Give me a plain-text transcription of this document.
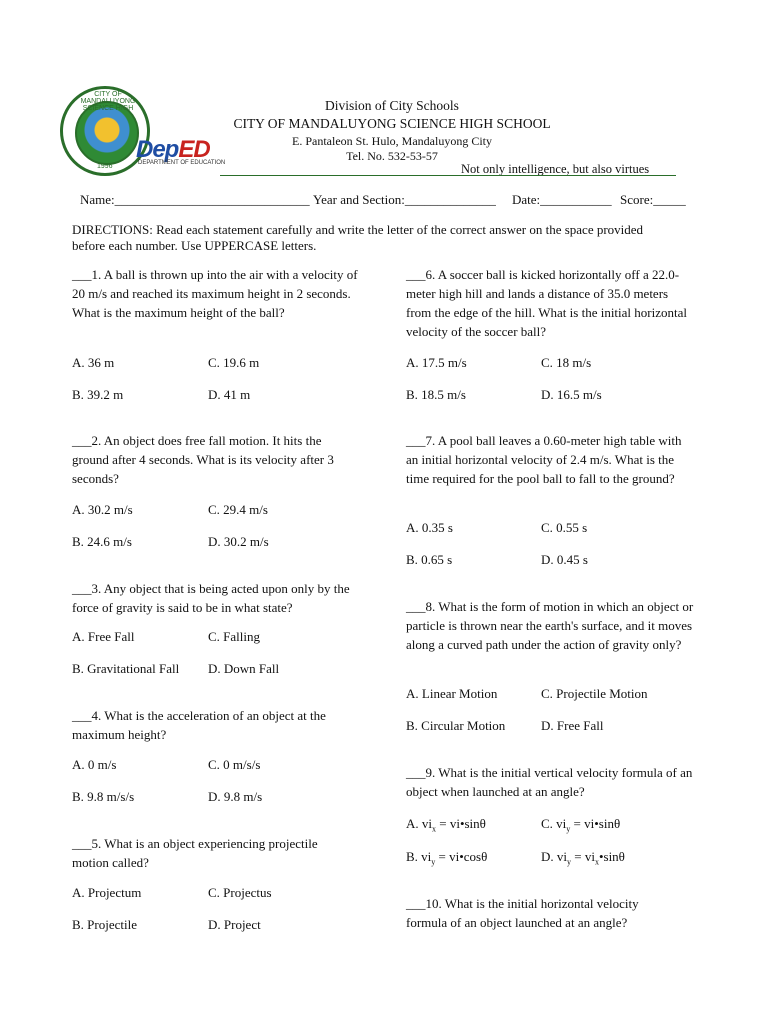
CITY OF MANDALUYONG SCIENCE HIGH
1996
DepED
DEPARTMENT OF EDUCATION
Division of City Schools
CITY OF MANDALUYONG SCIENCE HIGH SCHOOL
E. Pantaleon St. Hulo, Mandaluyong City
Tel. No. 532-53-57
Not only intelligence, but also virtues
Name:______________________________ Year and Section:______________ Date:___________ Score:_____
DIRECTIONS: Read each statement carefully and write the letter of the correct answer on the space provided
before each number. Use UPPERCASE letters.
___1. A ball is thrown up into the air with a velocity of 20 m/s and reached its maximum height in 2 seconds. What is the maximum height of the ball?
A. 36 m	C. 19.6 m
B. 39.2 m	D. 41 m
___2. An object does free fall motion. It hits the ground after 4 seconds. What is its velocity after 3 seconds?
A. 30.2 m/s	C. 29.4 m/s
B. 24.6 m/s	D. 30.2 m/s
___3. Any object that is being acted upon only by the force of gravity is said to be in what state?
A. Free Fall	C. Falling
B. Gravitational Fall D. Down Fall
___4. What is the acceleration of an object at the maximum height?
A. 0 m/s	C. 0 m/s/s
B. 9.8 m/s/s	D. 9.8 m/s
___5. What is an object experiencing projectile motion called?
A. Projectum	C. Projectus
B. Projectile	D. Project
___6. A soccer ball is kicked horizontally off a 22.0-meter high hill and lands a distance of 35.0 meters from the edge of the hill. What is the initial horizontal velocity of the soccer ball?
A. 17.5 m/s	C. 18 m/s
B. 18.5 m/s	D. 16.5 m/s
___7. A pool ball leaves a 0.60-meter high table with an initial horizontal velocity of 2.4 m/s. What is the time required for the pool ball to fall to the ground?
A. 0.35 s	C. 0.55 s
B. 0.65 s	D. 0.45 s
___8. What is the form of motion in which an object or particle is thrown near the earth's surface, and it moves along a curved path under the action of gravity only?
A. Linear Motion	C. Projectile Motion
B. Circular Motion	D. Free Fall
___9. What is the initial vertical velocity formula of an object when launched at an angle?
A. $vi_x$ = vi•sinθ	C. $vi_y$ = vi•sinθ
B. $vi_y$ = vi•cosθ	D. $vi_y$ = $vi_x•\sin\theta$
___10. What is the initial horizontal velocity formula of an object launched at an angle?
